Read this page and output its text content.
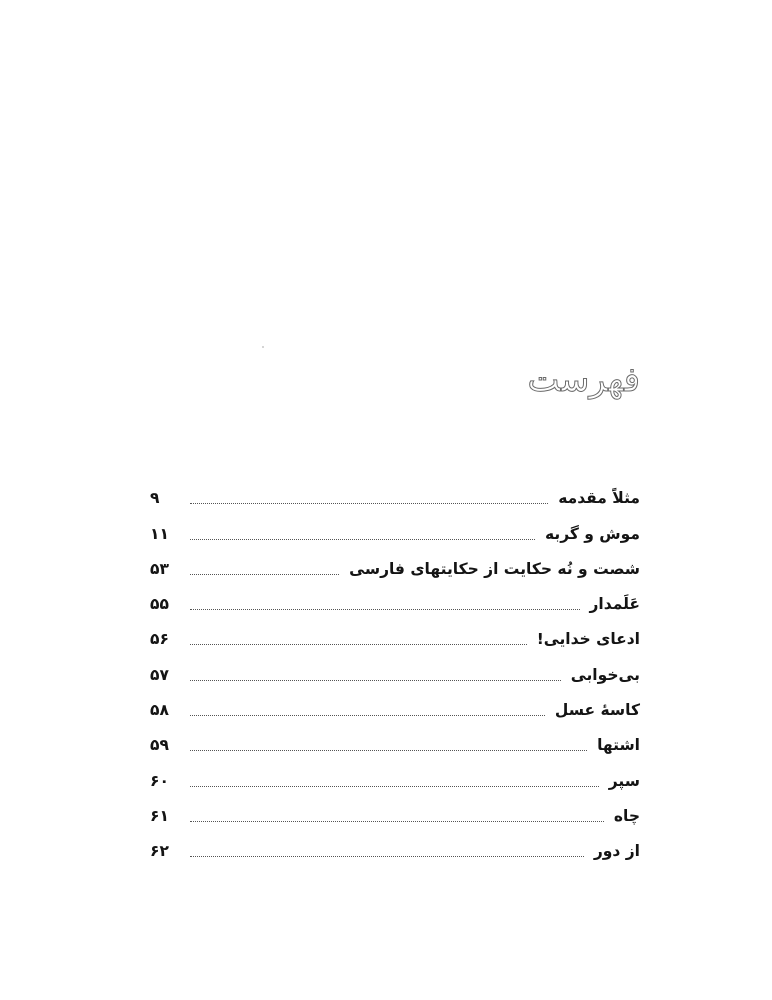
فهرست
مثلاً مقدمه
۹
موش و گربه
۱۱
شصت و نُه حکایت از حکایتهای فارسی
۵۳
عَلَمدار
۵۵
ادعای خدایی!
۵۶
بی‌خوابی
۵۷
کاسهٔ عسل
۵۸
اشتها
۵۹
سپر
۶۰
چاه
۶۱
از دور
۶۲
